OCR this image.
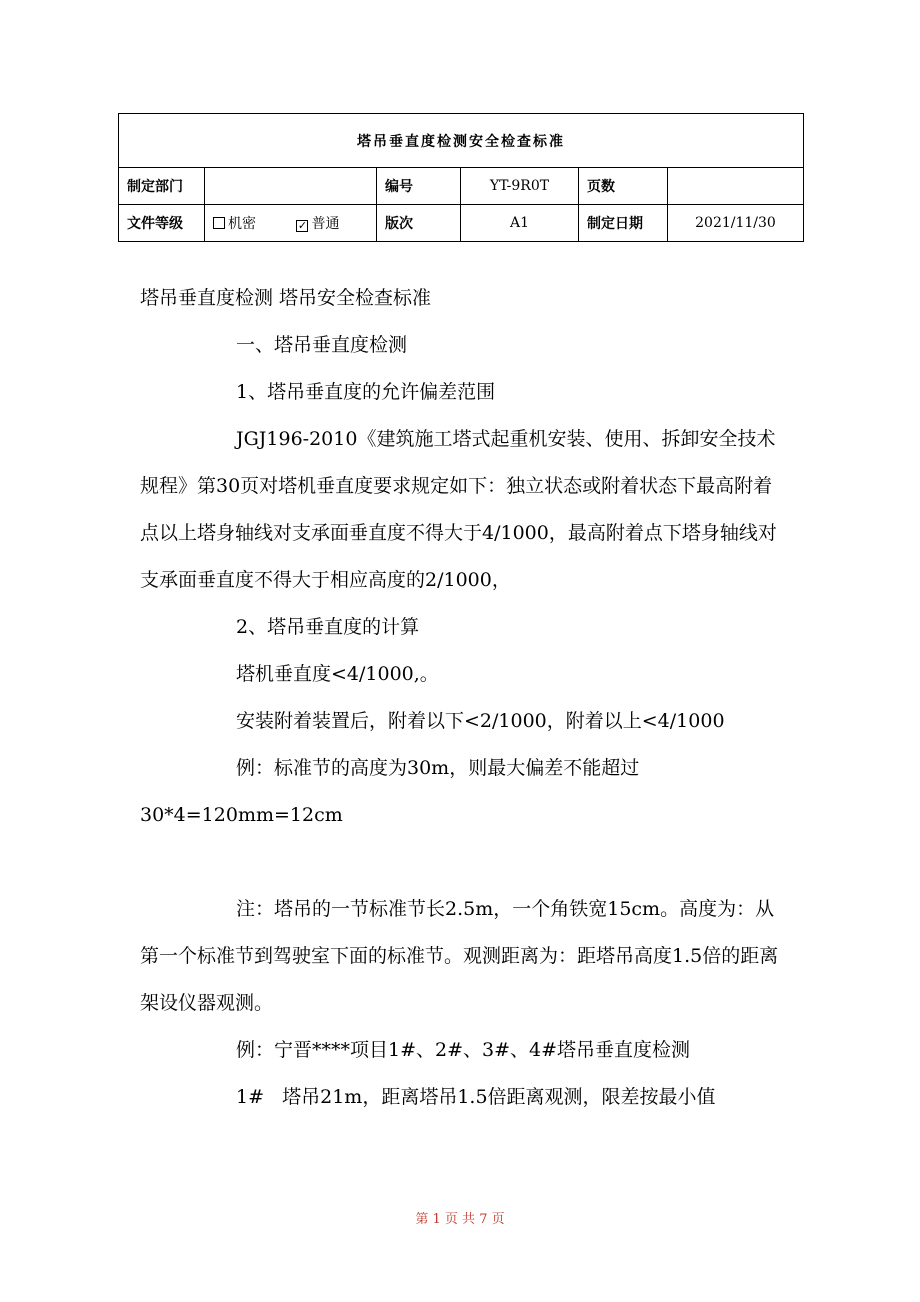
塔吊垂直度检测安全检查标准					
制定部门		编号	YT-9R0T	页数	
文件等级	机密 ✓ 普通	版次	A1	制定日期	2021/11/30

塔吊垂直度检测 塔吊安全检查标准

一、塔吊垂直度检测

1、塔吊垂直度的允许偏差范围

JGJ196-2010《建筑施工塔式起重机安装、使用、拆卸安全技术规程》第30页对塔机垂直度要求规定如下：独立状态或附着状态下最高附着点以上塔身轴线对支承面垂直度不得大于4/1000，最高附着点下塔身轴线对支承面垂直度不得大于相应高度的2/1000，

2、塔吊垂直度的计算

塔机垂直度<4/1000,。

安装附着装置后，附着以下<2/1000，附着以上<4/1000

例：标准节的高度为30m，则最大偏差不能超过

30*4=120mm=12cm

注：塔吊的一节标准节长2.5m，一个角铁宽15cm。高度为：从第一个标准节到驾驶室下面的标准节。观测距离为：距塔吊高度1.5倍的距离架设仪器观测。

例：宁晋****项目1#、2#、3#、4#塔吊垂直度检测

1#   塔吊21m，距离塔吊1.5倍距离观测，限差按最小值

第 1 页 共 7 页
